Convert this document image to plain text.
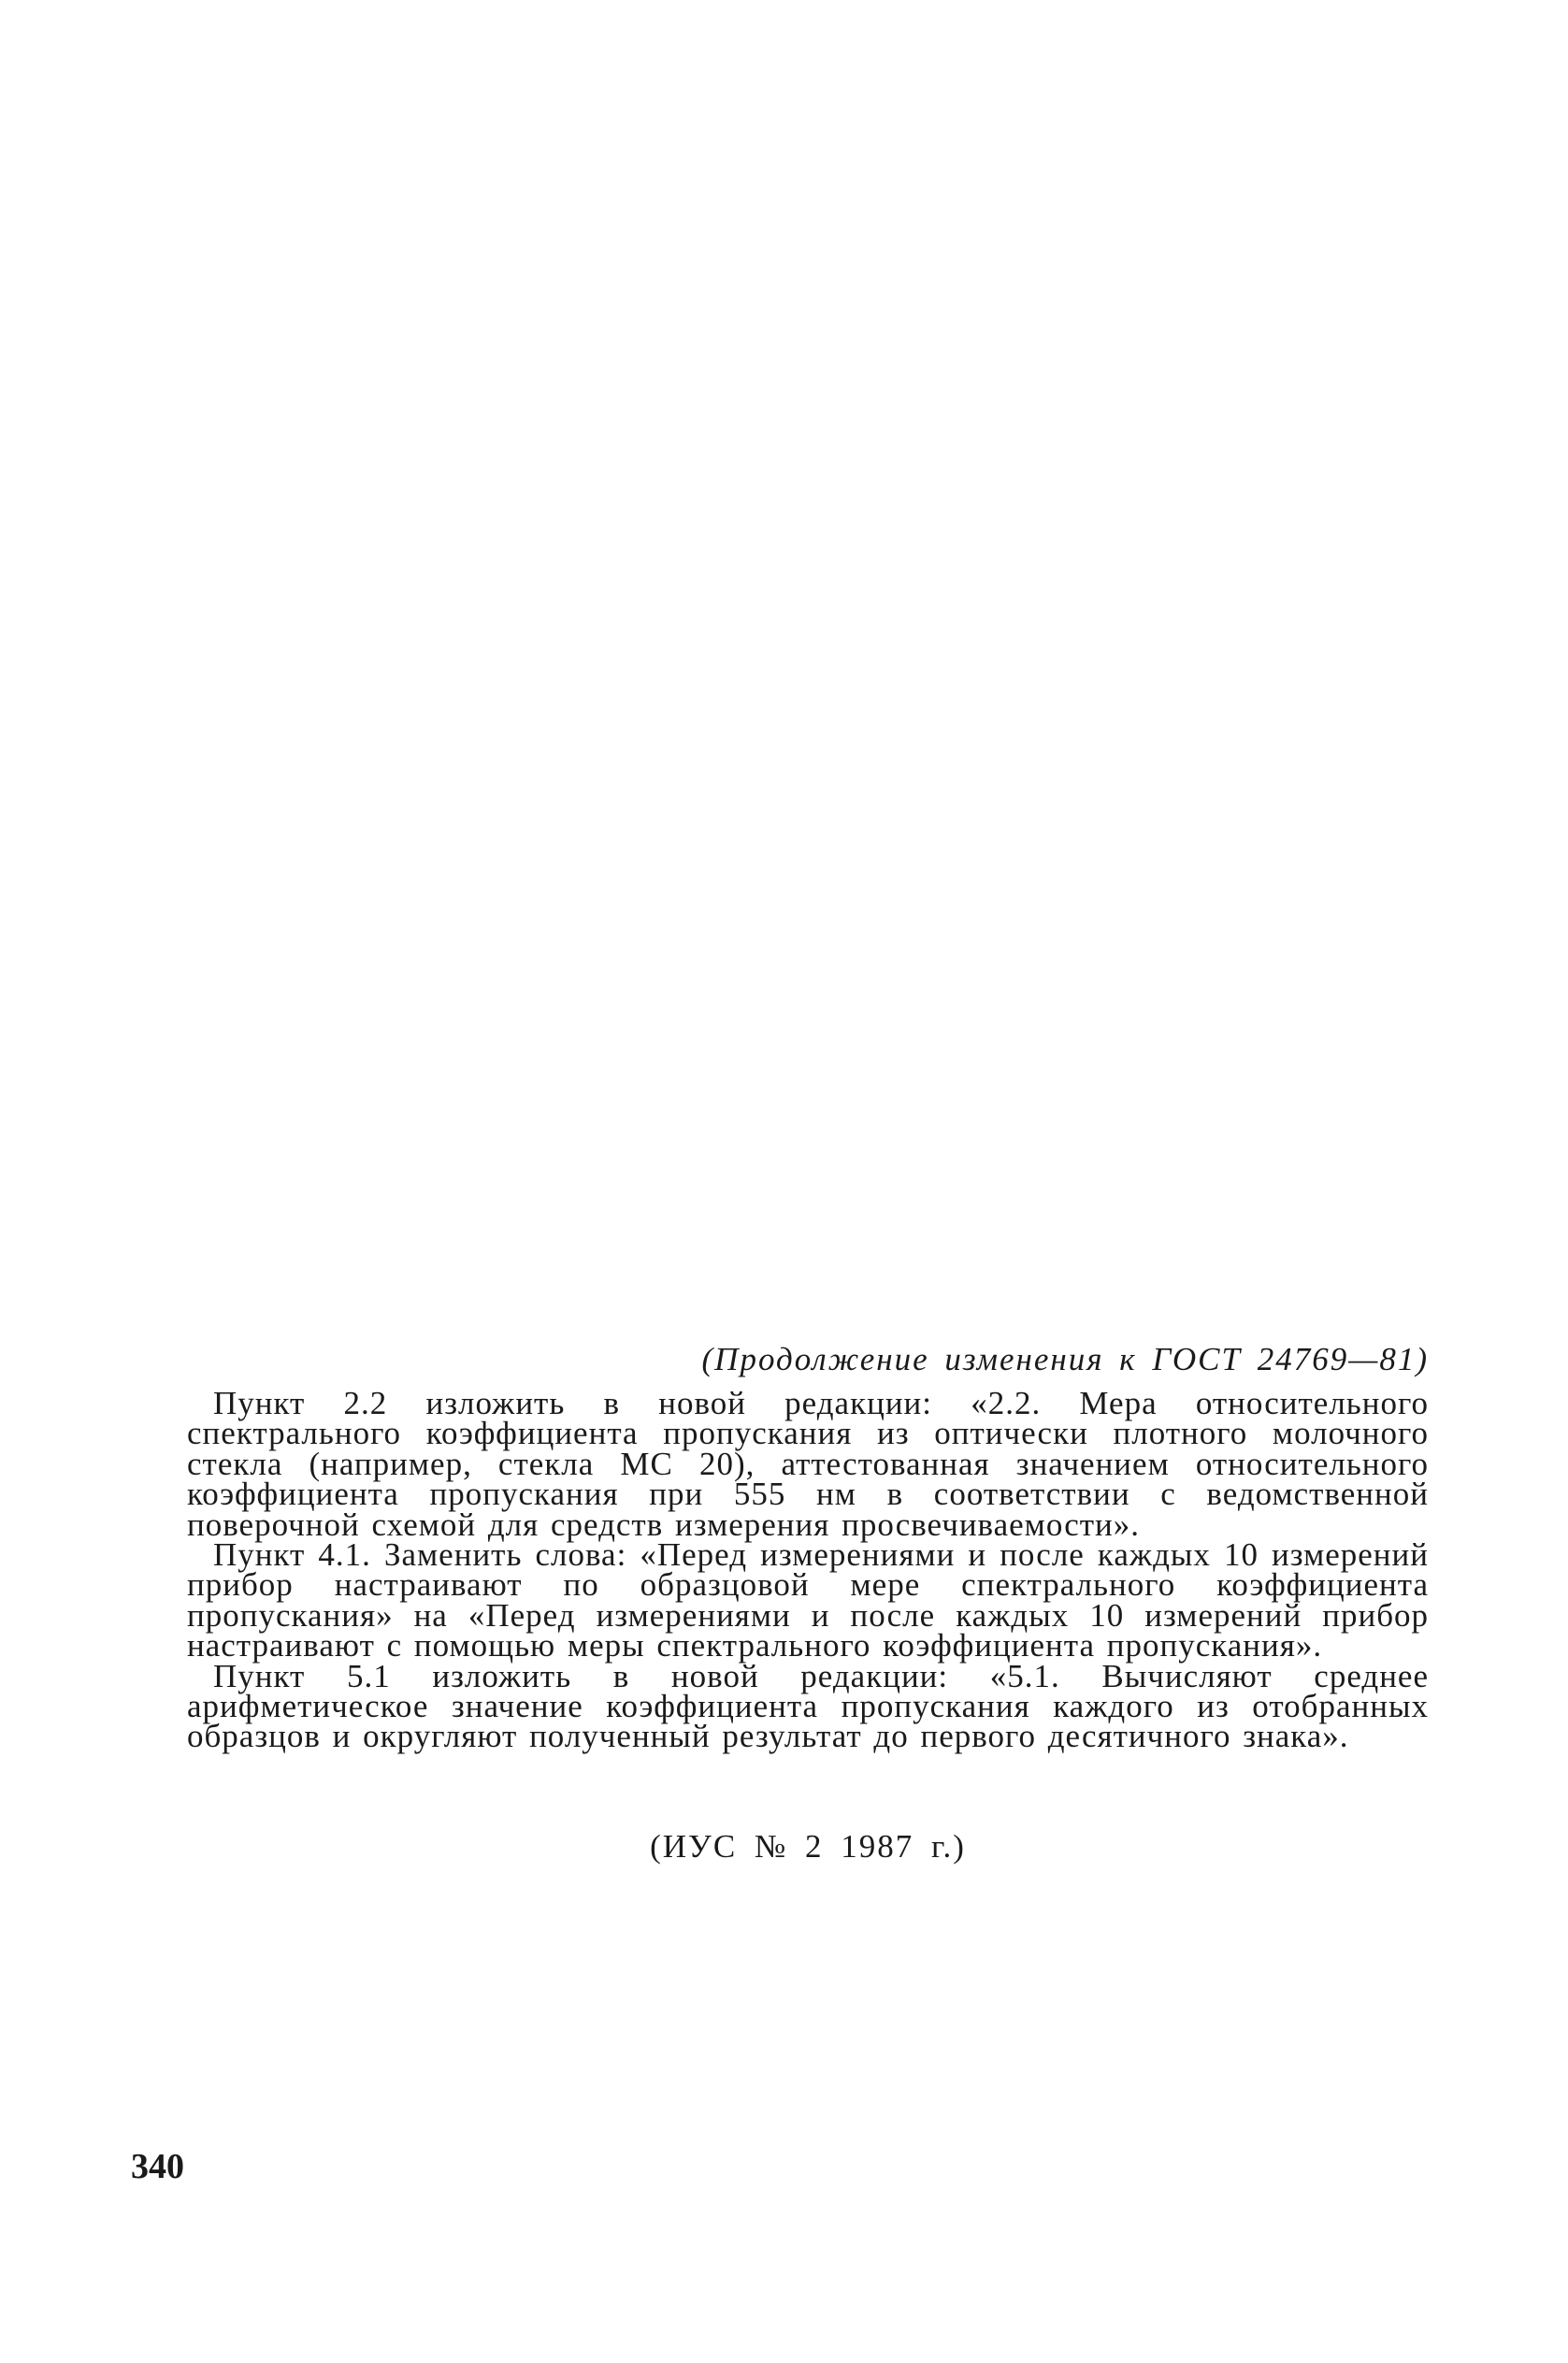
(Продолжение изменения к ГОСТ 24769—81)

Пункт 2.2 изложить в новой редакции: «2.2. Мера относительного спектрального коэффициента пропускания из оптически плотного молочного стекла (например, стекла МС 20), аттестованная значением относительного коэффициента пропускания при 555 нм в соответствии с ведомственной поверочной схемой для средств измерения просвечиваемости».

Пункт 4.1. Заменить слова: «Перед измерениями и после каждых 10 измерений прибор настраивают по образцовой мере спектрального коэффициента пропускания» на «Перед измерениями и после каждых 10 измерений прибор настраивают с помощью меры спектрального коэффициента пропускания».

Пункт 5.1 изложить в новой редакции: «5.1. Вычисляют среднее арифметическое значение коэффициента пропускания каждого из отобранных образцов и округляют полученный результат до первого десятичного знака».

(ИУС № 2 1987 г.)

340
